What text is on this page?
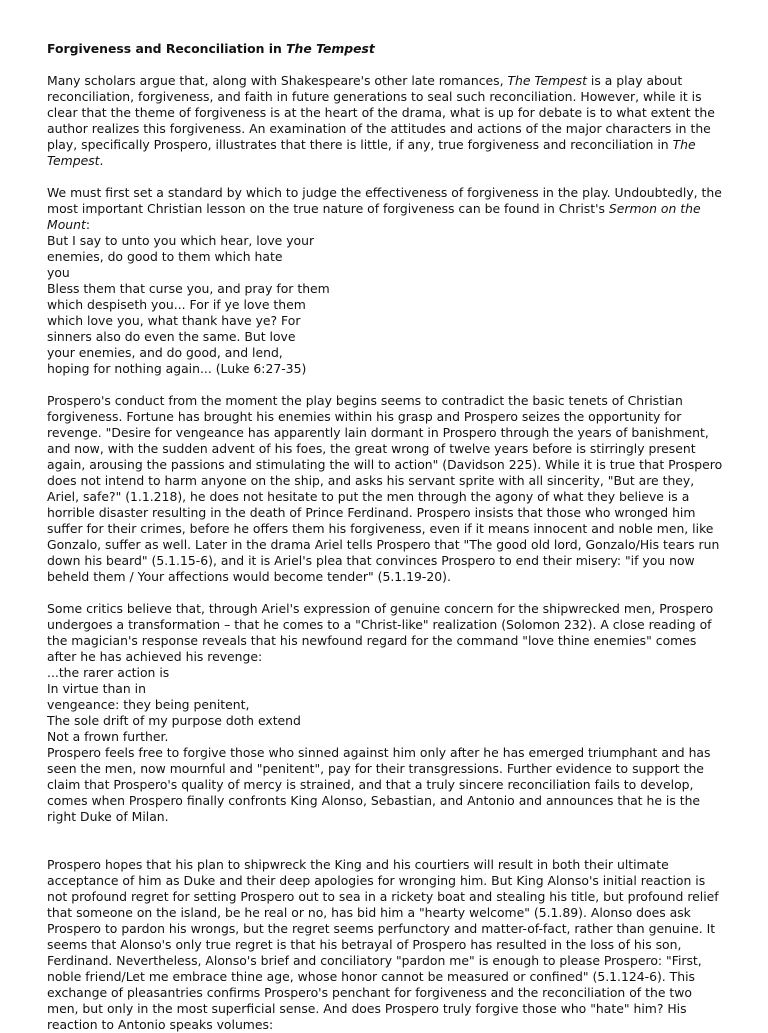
Forgiveness and Reconciliation in The Tempest

Many scholars argue that, along with Shakespeare's other late romances, The Tempest is a play about reconciliation, forgiveness, and faith in future generations to seal such reconciliation. However, while it is clear that the theme of forgiveness is at the heart of the drama, what is up for debate is to what extent the author realizes this forgiveness. An examination of the attitudes and actions of the major characters in the play, specifically Prospero, illustrates that there is little, if any, true forgiveness and reconciliation in The Tempest.

We must first set a standard by which to judge the effectiveness of forgiveness in the play. Undoubtedly, the most important Christian lesson on the true nature of forgiveness can be found in Christ's Sermon on the Mount:

But I say to unto you which hear, love your

enemies, do good to them which hate

you

Bless them that curse you, and pray for them

which despiseth you... For if ye love them

which love you, what thank have ye? For

sinners also do even the same. But love

your enemies, and do good, and lend,

hoping for nothing again... (Luke 6:27-35)

Prospero's conduct from the moment the play begins seems to contradict the basic tenets of Christian forgiveness. Fortune has brought his enemies within his grasp and Prospero seizes the opportunity for revenge. "Desire for vengeance has apparently lain dormant in Prospero through the years of banishment, and now, with the sudden advent of his foes, the great wrong of twelve years before is stirringly present again, arousing the passions and stimulating the will to action" (Davidson 225). While it is true that Prospero does not intend to harm anyone on the ship, and asks his servant sprite with all sincerity, "But are they, Ariel, safe?" (1.1.218), he does not hesitate to put the men through the agony of what they believe is a horrible disaster resulting in the death of Prince Ferdinand. Prospero insists that those who wronged him suffer for their crimes, before he offers them his forgiveness, even if it means innocent and noble men, like Gonzalo, suffer as well. Later in the drama Ariel tells Prospero that "The good old lord, Gonzalo/His tears run down his beard" (5.1.15-6), and it is Ariel's plea that convinces Prospero to end their misery: "if you now beheld them / Your affections would become tender" (5.1.19-20).

Some critics believe that, through Ariel's expression of genuine concern for the shipwrecked men, Prospero undergoes a transformation – that he comes to a "Christ-like" realization (Solomon 232). A close reading of the magician's response reveals that his newfound regard for the command "love thine enemies" comes after he has achieved his revenge:

...the rarer action is

In virtue than in

vengeance: they being penitent,

The sole drift of my purpose doth extend

Not a frown further.

Prospero feels free to forgive those who sinned against him only after he has emerged triumphant and has seen the men, now mournful and "penitent", pay for their transgressions. Further evidence to support the claim that Prospero's quality of mercy is strained, and that a truly sincere reconciliation fails to develop, comes when Prospero finally confronts King Alonso, Sebastian, and Antonio and announces that he is the right Duke of Milan.

Prospero hopes that his plan to shipwreck the King and his courtiers will result in both their ultimate acceptance of him as Duke and their deep apologies for wronging him. But King Alonso's initial reaction is not profound regret for setting Prospero out to sea in a rickety boat and stealing his title, but profound relief that someone on the island, be he real or no, has bid him a "hearty welcome" (5.1.89). Alonso does ask Prospero to pardon his wrongs, but the regret seems perfunctory and matter-of-fact, rather than genuine. It seems that Alonso's only true regret is that his betrayal of Prospero has resulted in the loss of his son, Ferdinand. Nevertheless, Alonso's brief and conciliatory "pardon me" is enough to please Prospero: "First, noble friend/Let me embrace thine age, whose honor cannot be measured or confined" (5.1.124-6). This exchange of pleasantries confirms Prospero's penchant for forgiveness and the reconciliation of the two men, but only in the most superficial sense. And does Prospero truly forgive those who "hate" him? His reaction to Antonio speaks volumes:
